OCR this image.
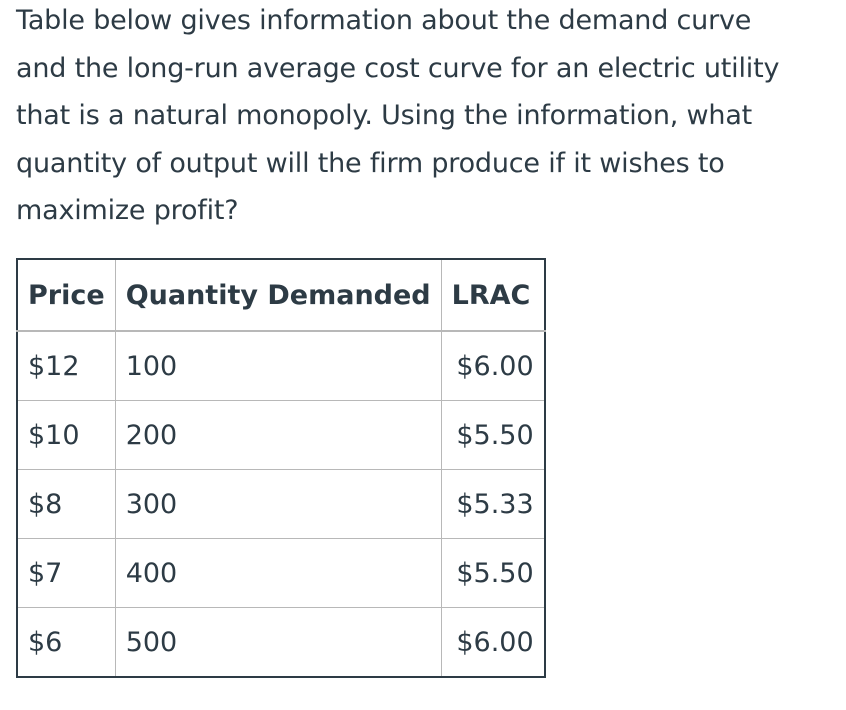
Table below gives information about the demand curve
and the long-run average cost curve for an electric utility
that is a natural monopoly. Using the information, what
quantity of output will the firm produce if it wishes to
maximize profit?
Price	Quantity Demanded	LRAC
$12	100	$6.00
$10	200	$5.50
$8	300	$5.33
$7	400	$5.50
$6	500	$6.00
